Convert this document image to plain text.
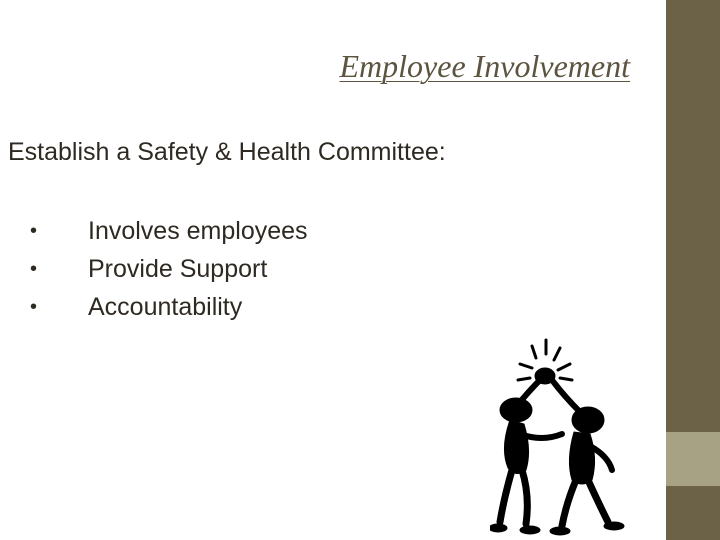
Employee Involvement
Establish a Safety & Health Committee:
•	Involves employees
•	Provide Support
•	Accountability
